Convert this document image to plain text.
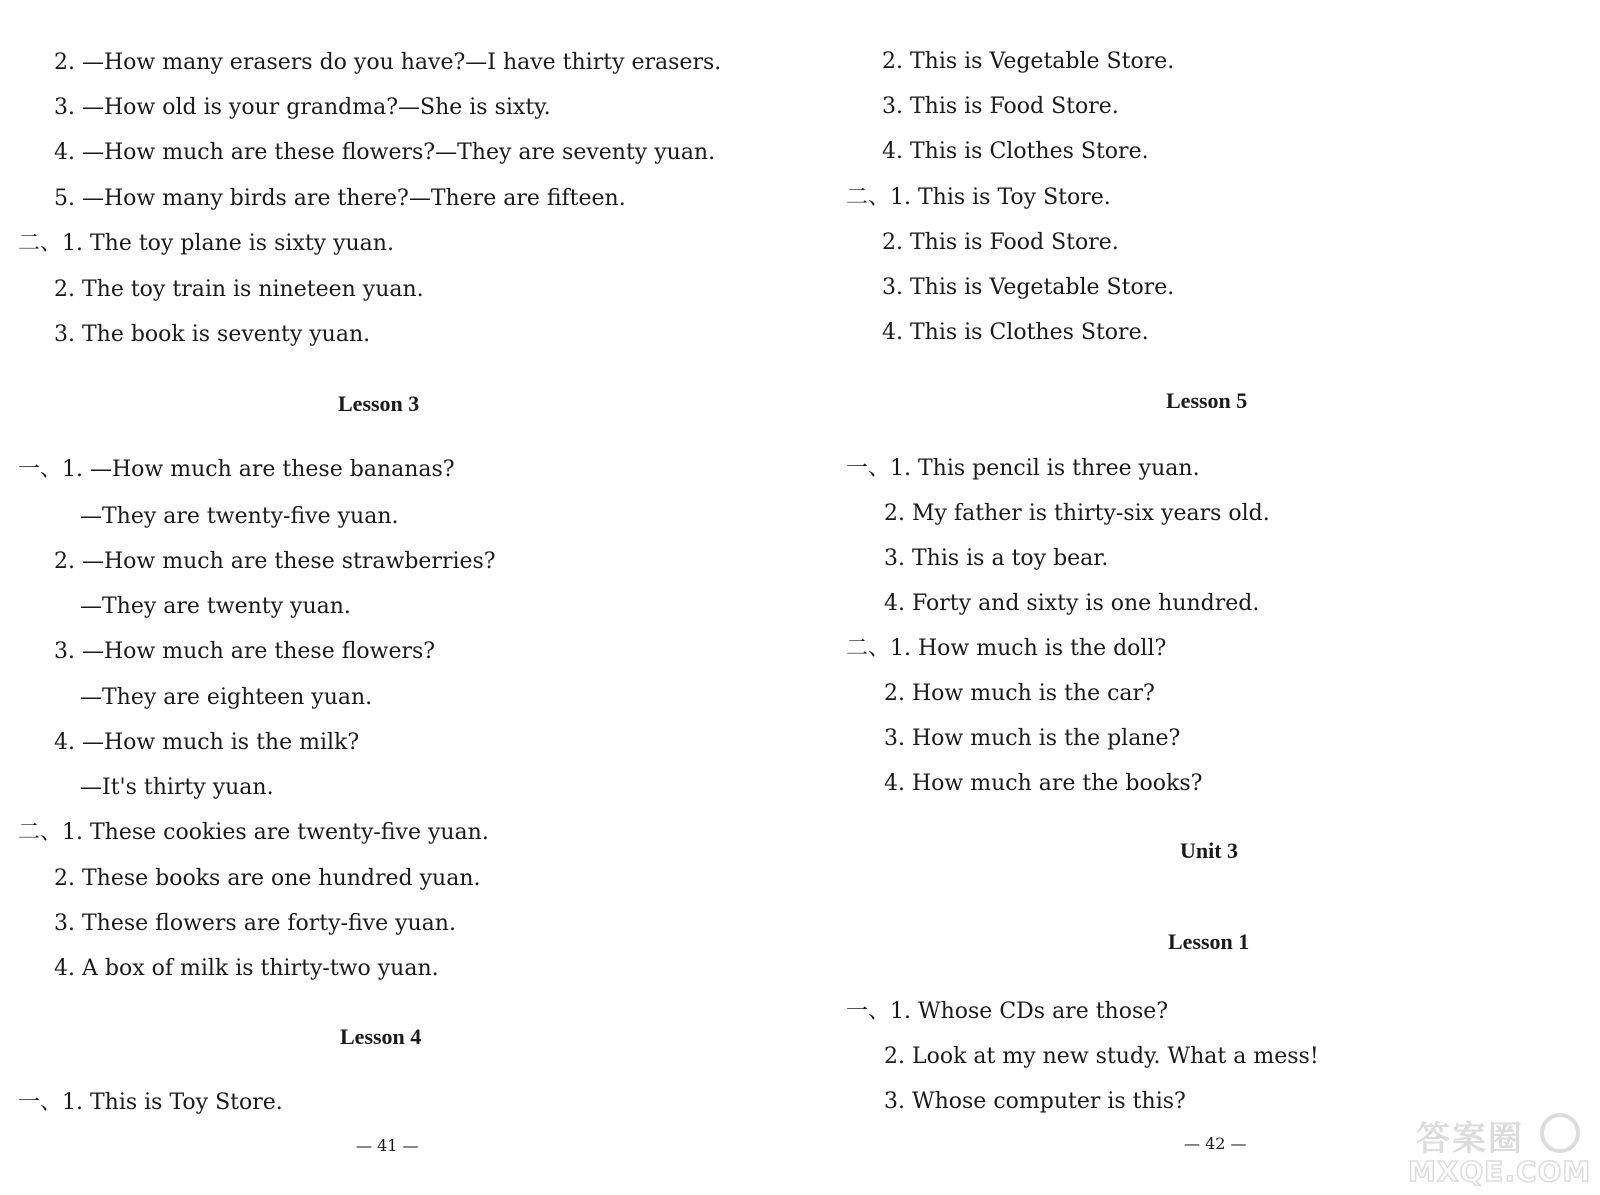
2. —How many erasers do you have?—I have thirty erasers.
3. —How old is your grandma?—She is sixty.
4. —How much are these flowers?—They are seventy yuan.
5. —How many birds are there?—There are fifteen.
二、1. The toy plane is sixty yuan.
2. The toy train is nineteen yuan.
3. The book is seventy yuan.
Lesson 3
一、1. —How much are these bananas?
—They are twenty-five yuan.
2. —How much are these strawberries?
—They are twenty yuan.
3. —How much are these flowers?
—They are eighteen yuan.
4. —How much is the milk?
—It's thirty yuan.
二、1. These cookies are twenty-five yuan.
2. These books are one hundred yuan.
3. These flowers are forty-five yuan.
4. A box of milk is thirty-two yuan.
Lesson 4
一、1. This is Toy Store.
— 41 —
2. This is Vegetable Store.
3. This is Food Store.
4. This is Clothes Store.
二、1. This is Toy Store.
2. This is Food Store.
3. This is Vegetable Store.
4. This is Clothes Store.
Lesson 5
一、1. This pencil is three yuan.
2. My father is thirty-six years old.
3. This is a toy bear.
4. Forty and sixty is one hundred.
二、1. How much is the doll?
2. How much is the car?
3. How much is the plane?
4. How much are the books?
Unit 3
Lesson 1
一、1. Whose CDs are those?
2. Look at my new study. What a mess!
3. Whose computer is this?
— 42 —	答案圈
MXQE.COM
